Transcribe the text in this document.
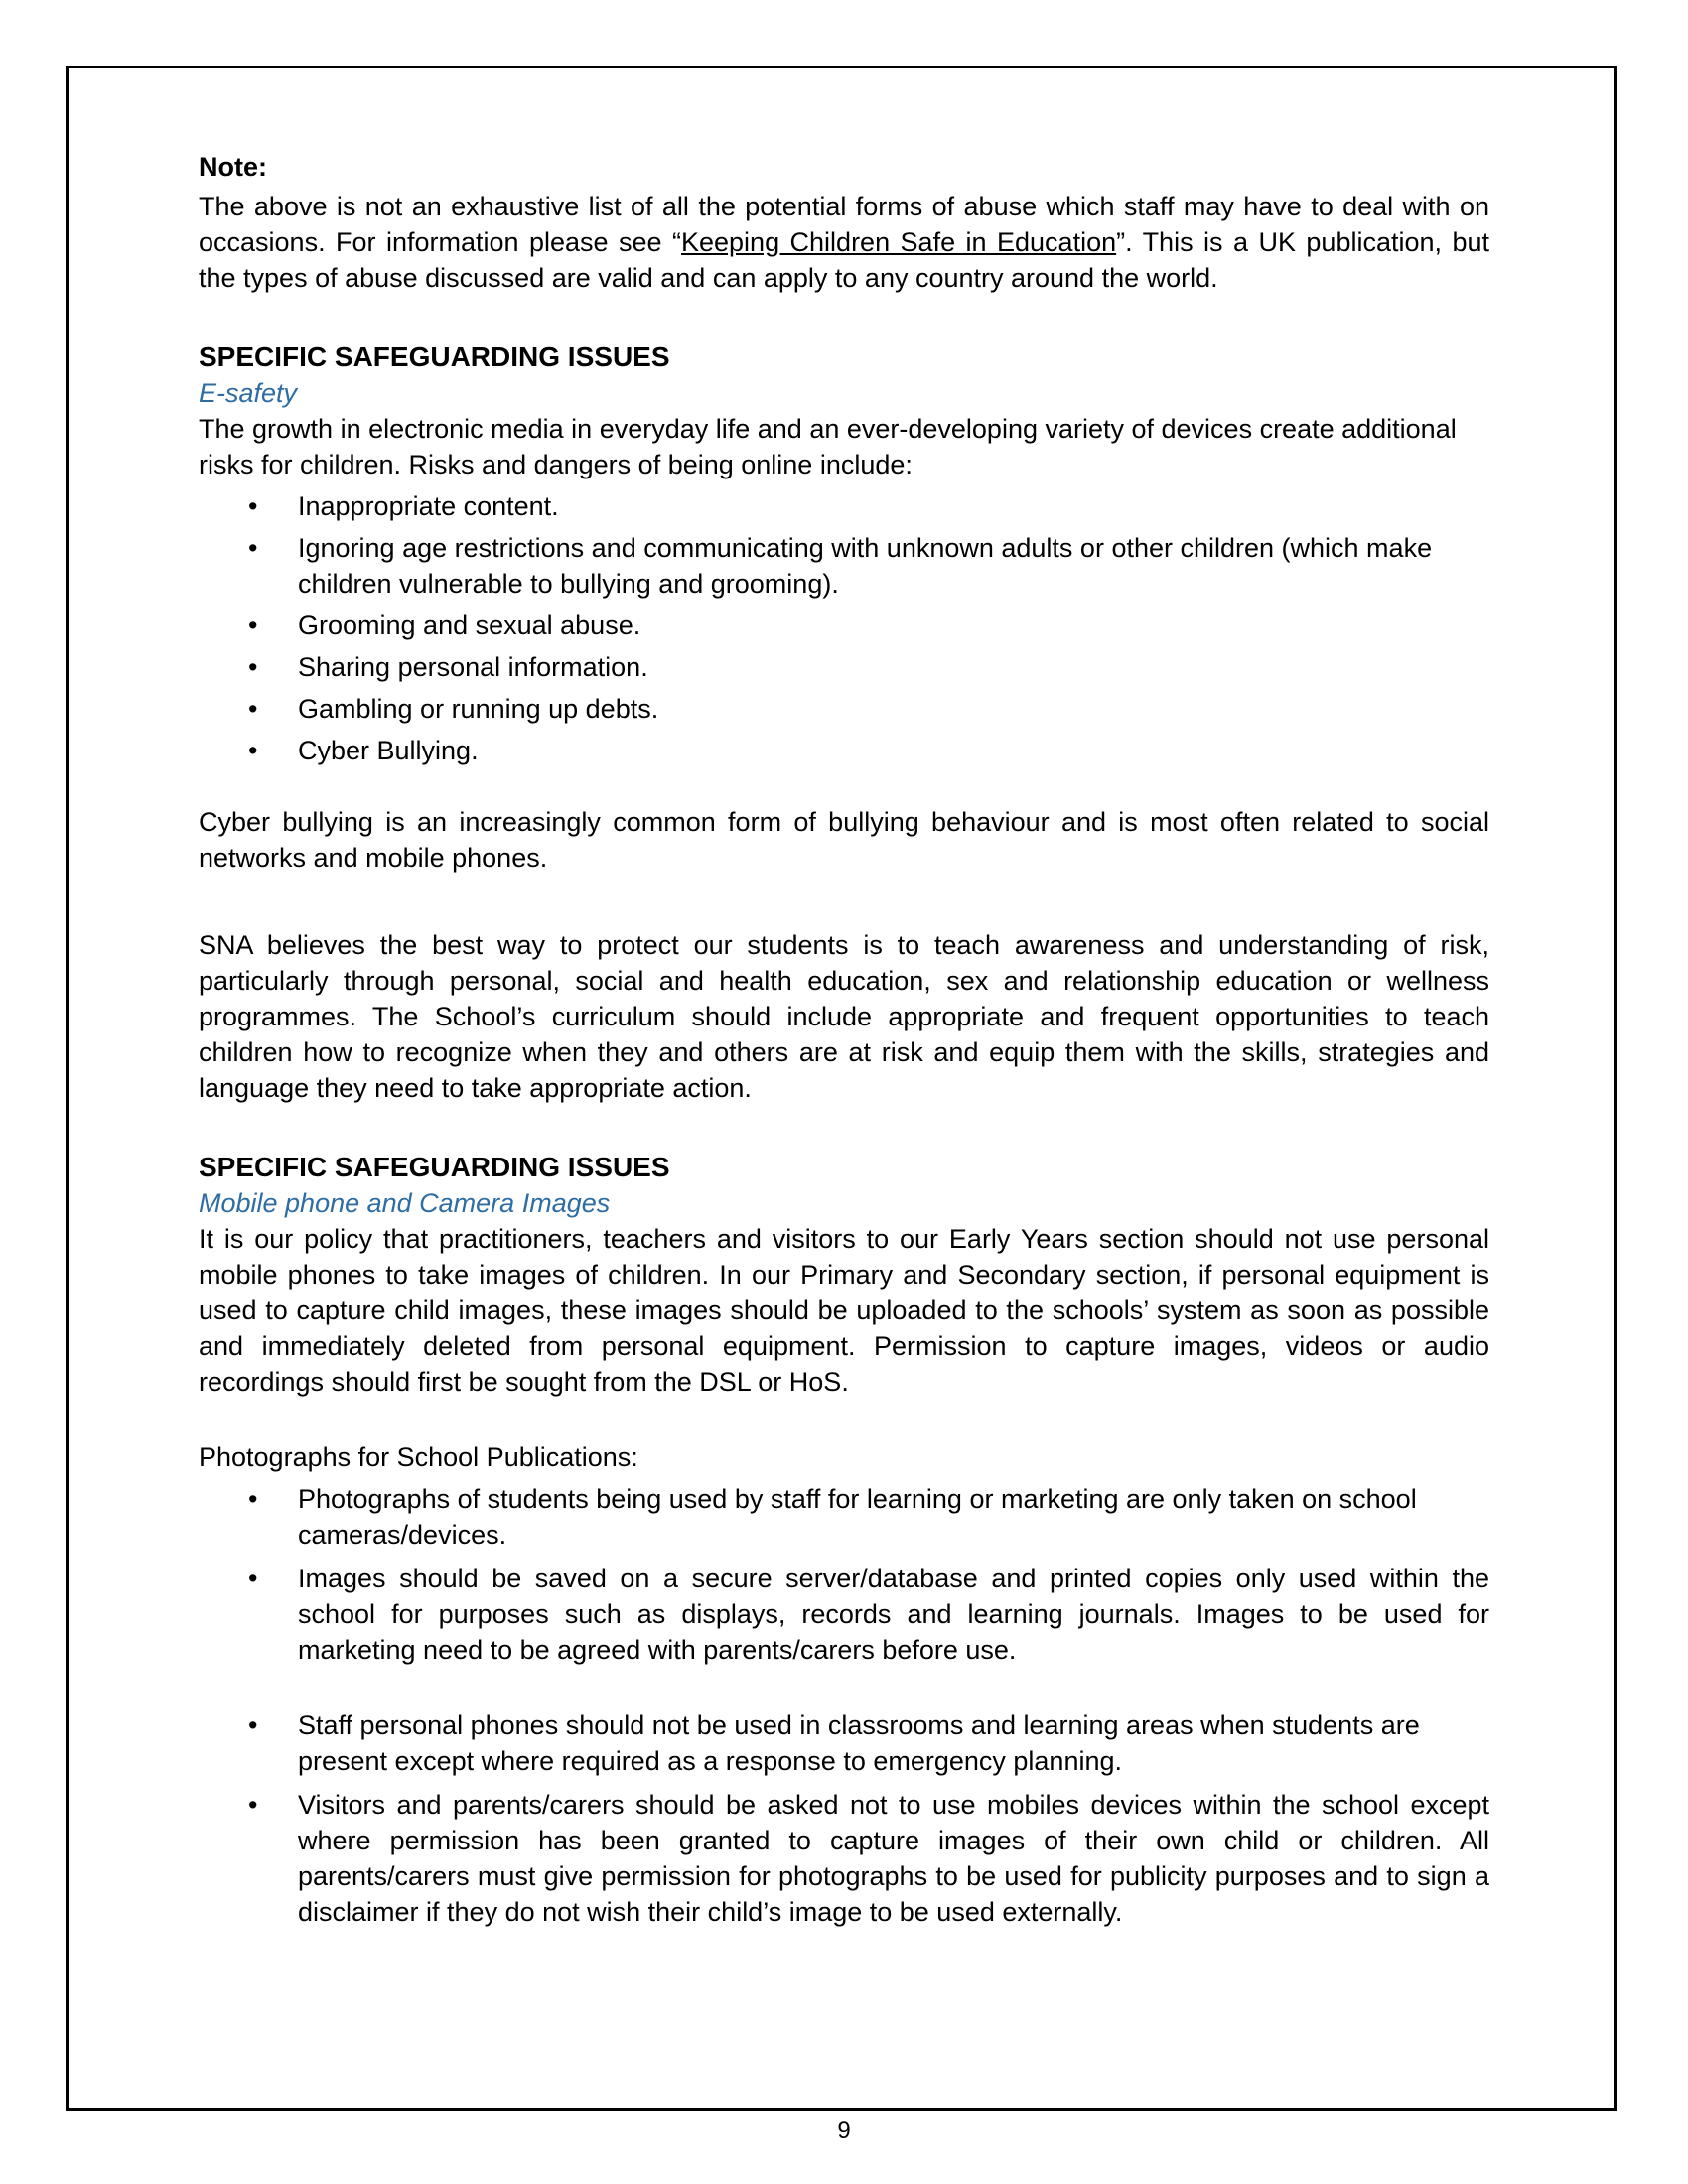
Note:

The above is not an exhaustive list of all the potential forms of abuse which staff may have to deal with on occasions. For information please see “Keeping Children Safe in Education”. This is a UK publication, but the types of abuse discussed are valid and can apply to any country around the world.

SPECIFIC SAFEGUARDING ISSUES

E-safety

The growth in electronic media in everyday life and an ever-developing variety of devices create additional risks for children. Risks and dangers of being online include:

• Inappropriate content.
• Ignoring age restrictions and communicating with unknown adults or other children (which make children vulnerable to bullying and grooming).
• Grooming and sexual abuse.
• Sharing personal information.
• Gambling or running up debts.
• Cyber Bullying.

Cyber bullying is an increasingly common form of bullying behaviour and is most often related to social networks and mobile phones.

SNA believes the best way to protect our students is to teach awareness and understanding of risk, particularly through personal, social and health education, sex and relationship education or wellness programmes. The School’s curriculum should include appropriate and frequent opportunities to teach children how to recognize when they and others are at risk and equip them with the skills, strategies and language they need to take appropriate action.

SPECIFIC SAFEGUARDING ISSUES

Mobile phone and Camera Images

It is our policy that practitioners, teachers and visitors to our Early Years section should not use personal mobile phones to take images of children. In our Primary and Secondary section, if personal equipment is used to capture child images, these images should be uploaded to the schools’ system as soon as possible and immediately deleted from personal equipment. Permission to capture images, videos or audio recordings should first be sought from the DSL or HoS.

Photographs for School Publications:

• Photographs of students being used by staff for learning or marketing are only taken on school cameras/devices.
• Images should be saved on a secure server/database and printed copies only used within the school for purposes such as displays, records and learning journals. Images to be used for marketing need to be agreed with parents/carers before use.
• Staff personal phones should not be used in classrooms and learning areas when students are present except where required as a response to emergency planning.
• Visitors and parents/carers should be asked not to use mobiles devices within the school except where permission has been granted to capture images of their own child or children. All parents/carers must give permission for photographs to be used for publicity purposes and to sign a disclaimer if they do not wish their child’s image to be used externally.
9
